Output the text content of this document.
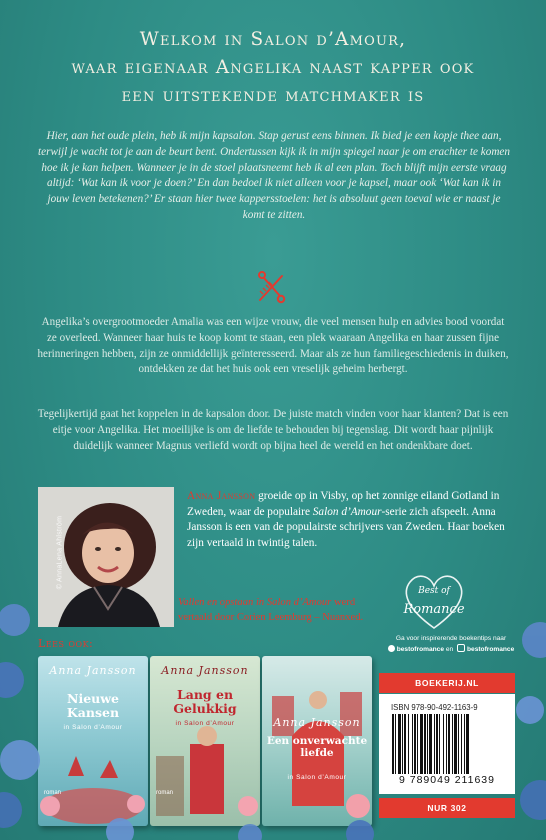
Welkom in Salon d’Amour,
waar eigenaar Angelika naast kapper ook
een uitstekende matchmaker is
Hier, aan het oude plein, heb ik mijn kapsalon. Stap gerust eens binnen. Ik bied je een kopje thee aan, terwijl je wacht tot je aan de beurt bent. Ondertussen kijk ik in mijn spiegel naar je om erachter te komen hoe ik je kan helpen. Wanneer je in de stoel plaatsneemt heb ik al een plan. Toch blijft mijn eerste vraag altijd: ‘Wat kan ik voor je doen?’ En dan bedoel ik niet alleen voor je kapsel, maar ook ‘Wat kan ik in jouw leven betekenen?’ Er staan hier twee kappersstoelen: het is absoluut geen toeval wie er naast je komt te zitten.
Angelika’s overgrootmoeder Amalia was een wijze vrouw, die veel mensen hulp en advies bood voordat ze overleed. Wanneer haar huis te koop komt te staan, een plek waaraan Angelika en haar zussen fijne herinneringen hebben, zijn ze onmiddellijk geïnteresseerd. Maar als ze hun familiegeschiedenis in duiken, ontdekken ze dat het huis ook een vreselijk geheim herbergt.
Tegelijkertijd gaat het koppelen in de kapsalon door. De juiste match vinden voor haar klanten? Dat is een eitje voor Angelika. Het moeilijke is om de liefde te behouden bij tegenslag. Dit wordt haar pijnlijk duidelijk wanneer Magnus verliefd wordt op bijna heel de wereld en het ondenkbare doet.
© AnnaLena Ahlström
Anna Jansson groeide op in Visby, op het zonnige eiland Gotland in Zweden, waar de populaire Salon d’Amour-serie zich afspeelt. Anna Jansson is een van de populairste schrijvers van Zweden. Haar boeken zijn vertaald in twintig talen.
Vallen en opstaan in Salon d’Amour werd vertaald door Corien Leemburg – Nuanxed.
Best of
Romance
Lees ook:
Anna Jansson
Nieuwe Kansen
in Salon d’Amour
roman
Anna Jansson
Lang en Gelukkig
in Salon d’Amour
roman
Anna Jansson
Een onverwachte liefde
in Salon d’Amour
Ga voor inspirerende boekentips naar
bestofromance en bestofromance
BOEKERIJ.NL
ISBN 978-90-492-1163-9
9 789049 211639
NUR 302
